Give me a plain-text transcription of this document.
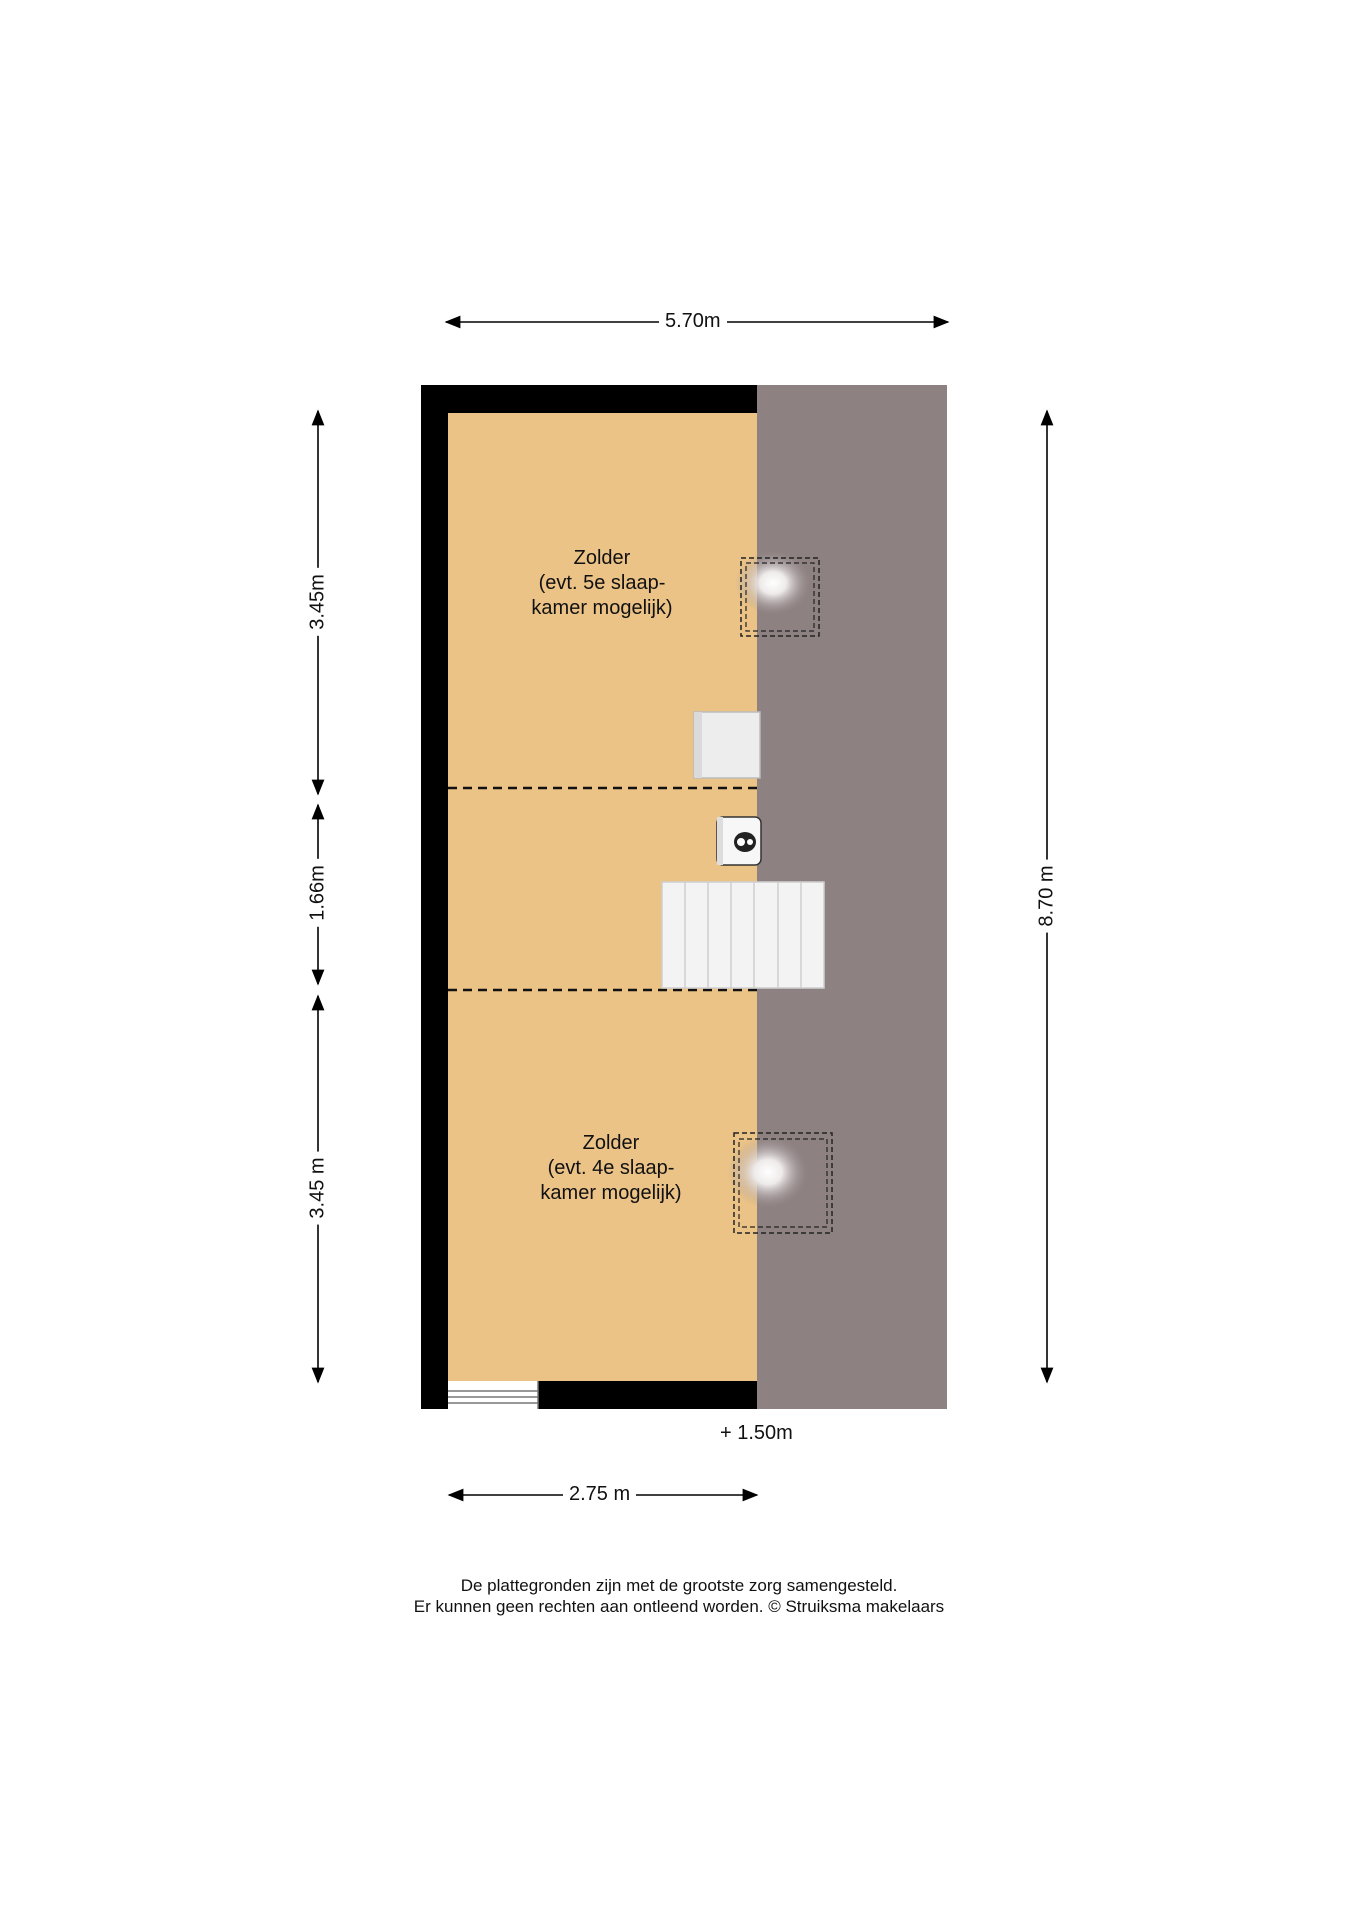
Zolder
(evt. 5e slaap-
kamer mogelijk)
Zolder
(evt. 4e slaap-
kamer mogelijk)
5.70m
2.75 m
+ 1.50m
8.70 m
3.45m
1.66m
3.45 m
De plattegronden zijn met de grootste zorg samengesteld.
Er kunnen geen rechten aan ontleend worden. © Struiksma makelaars
